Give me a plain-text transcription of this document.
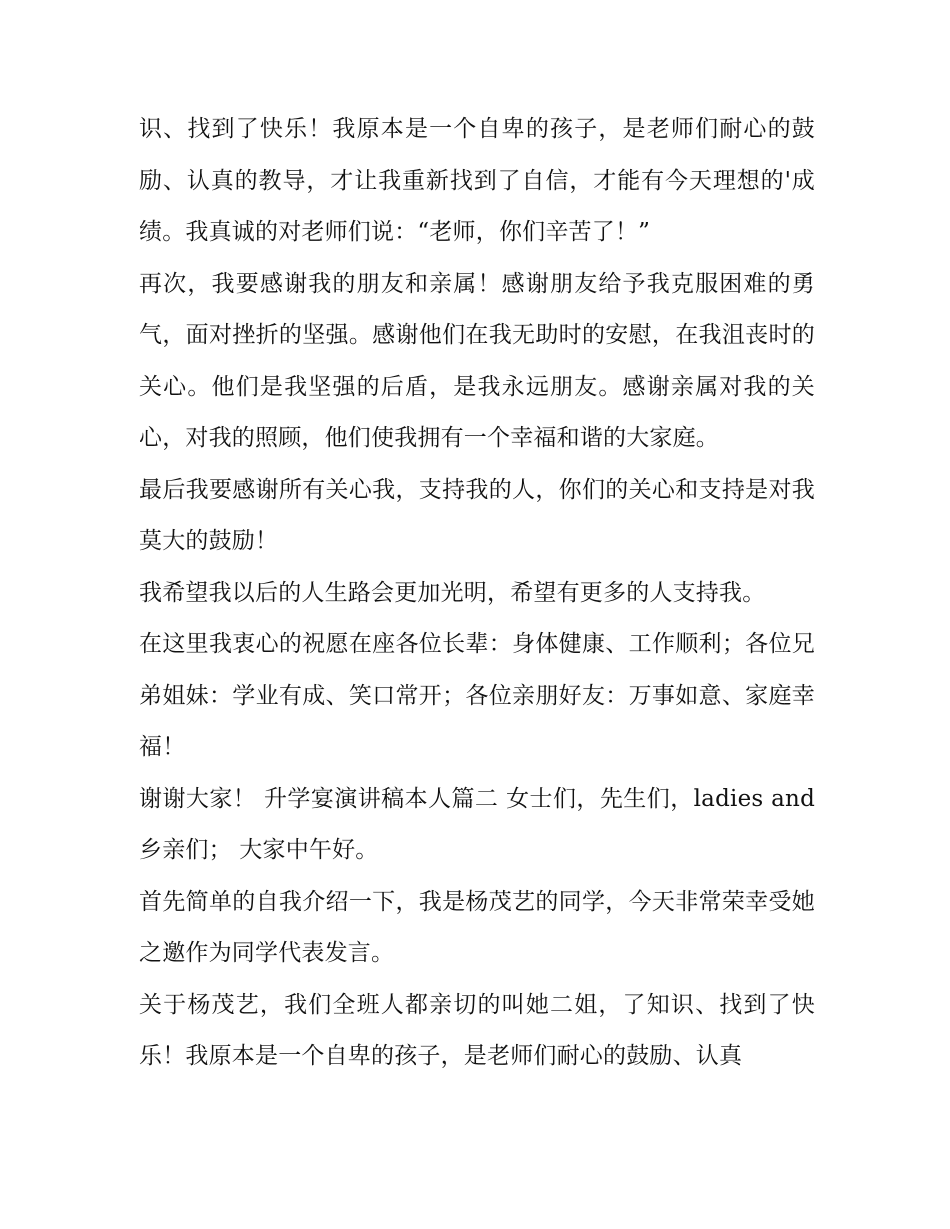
识、找到了快乐！我原本是一个自卑的孩子，是老师们耐心的鼓励、认真的教导，才让我重新找到了自信，才能有今天理想的'成绩。我真诚的对老师们说：“老师，你们辛苦了！”

再次，我要感谢我的朋友和亲属！感谢朋友给予我克服困难的勇气，面对挫折的坚强。感谢他们在我无助时的安慰，在我沮丧时的关心。他们是我坚强的后盾，是我永远朋友。感谢亲属对我的关心，对我的照顾，他们使我拥有一个幸福和谐的大家庭。

最后我要感谢所有关心我，支持我的人，你们的关心和支持是对我莫大的鼓励！

我希望我以后的人生路会更加光明，希望有更多的人支持我。

在这里我衷心的祝愿在座各位长辈：身体健康、工作顺利；各位兄弟姐妹：学业有成、笑口常开；各位亲朋好友：万事如意、家庭幸福！

谢谢大家！ 升学宴演讲稿本人篇二 女士们，先生们，ladies and 乡亲们； 大家中午好。

首先简单的自我介绍一下，我是杨茂艺的同学，今天非常荣幸受她之邀作为同学代表发言。

关于杨茂艺，我们全班人都亲切的叫她二姐，了知识、找到了快乐！我原本是一个自卑的孩子，是老师们耐心的鼓励、认真
